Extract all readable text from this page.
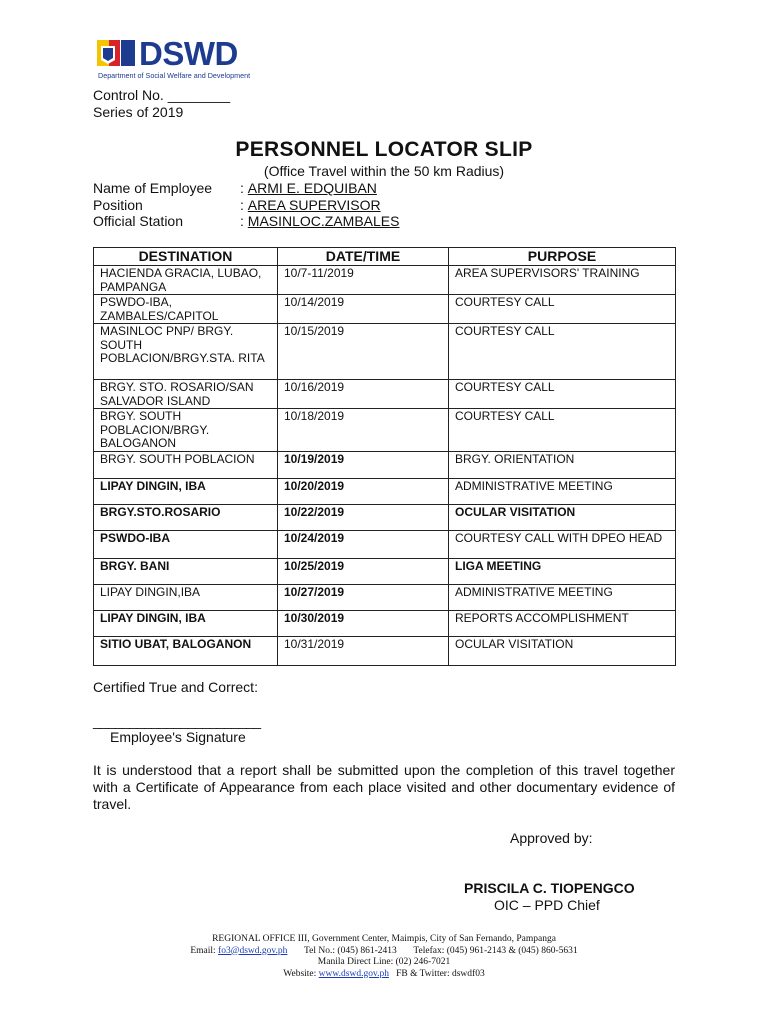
DSWD
Department of Social Welfare and Development
Control No. ________
Series of 2019
PERSONNEL LOCATOR SLIP
(Office Travel within the 50 km Radius)
Name of Employee	:
ARMI E. EDQUIBAN
Position	:
AREA SUPERVISOR
Official Station	:
MASINLOC.ZAMBALES
DESTINATION	DATE/TIME	PURPOSE
HACIENDA GRACIA, LUBAO, PAMPANGA	10/7-11/2019	AREA SUPERVISORS' TRAINING
PSWDO-IBA, ZAMBALES/CAPITOL	10/14/2019	COURTESY CALL
MASINLOC PNP/ BRGY. SOUTH POBLACION/BRGY.STA. RITA	10/15/2019	COURTESY CALL
BRGY. STO. ROSARIO/SAN SALVADOR ISLAND	10/16/2019	COURTESY CALL
BRGY. SOUTH POBLACION/BRGY. BALOGANON	10/18/2019	COURTESY CALL
BRGY. SOUTH POBLACION	10/19/2019	BRGY. ORIENTATION
LIPAY DINGIN, IBA	10/20/2019	ADMINISTRATIVE MEETING
BRGY.STO.ROSARIO	10/22/2019	OCULAR VISITATION
PSWDO-IBA	10/24/2019	COURTESY CALL WITH DPEO HEAD
BRGY. BANI	10/25/2019	LIGA MEETING
LIPAY DINGIN,IBA	10/27/2019	ADMINISTRATIVE MEETING
LIPAY DINGIN, IBA	10/30/2019	REPORTS ACCOMPLISHMENT
SITIO UBAT, BALOGANON	10/31/2019	OCULAR VISITATION
Certified True and Correct:
_______________________
Employee's Signature
It is understood that a report shall be submitted upon the completion of this travel together with a Certificate of Appearance from each place visited and other documentary evidence of travel.
Approved by:
PRISCILA C. TIOPENGCO
OIC – PPD Chief
REGIONAL OFFICE III, Government Center, Maimpis, City of San Fernando, Pampanga
Email: fo3@dswd.gov.ph Tel No.: (045) 861-2413 Telefax: (045) 961-2143 & (045) 860-5631
Manila Direct Line: (02) 246-7021
Website: www.dswd.gov.ph FB & Twitter: dswdf03
